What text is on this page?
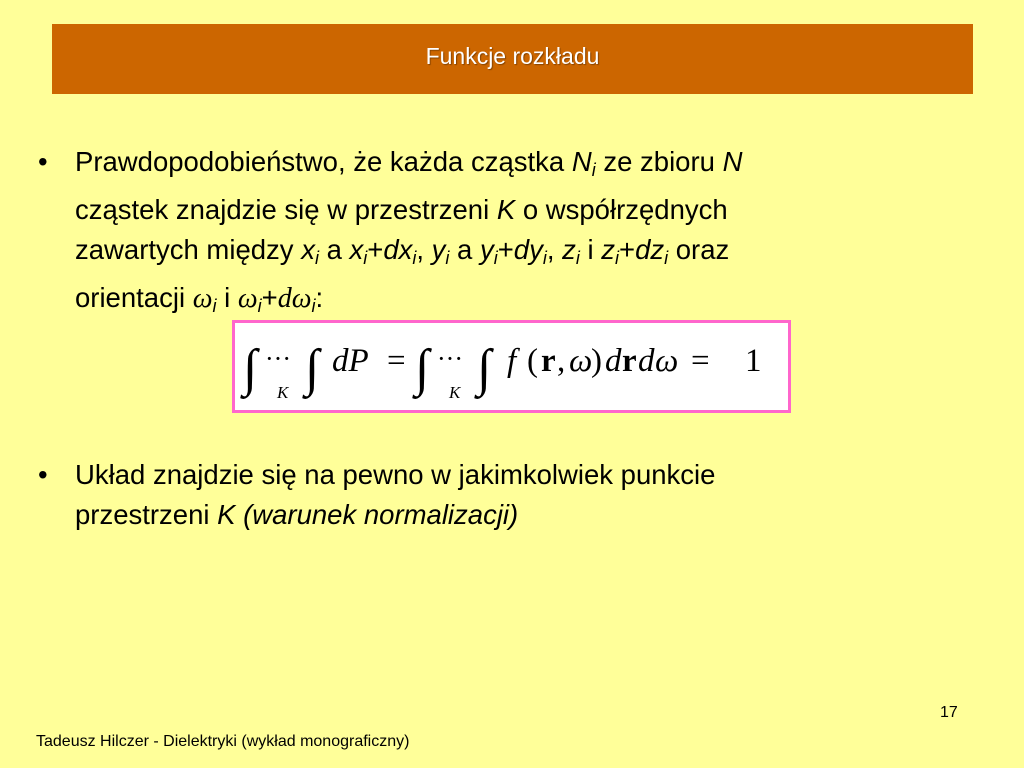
Funkcje rozkładu
• Prawdopodobieństwo, że każda cząstka $N_i$ ze zbioru N
cząstek znajdzie się w przestrzeni K o współrzędnych
zawartych między $x_i$ a $x_i+dx_i$, $y_i$ a $y_i+dy_i$, $z_i$ i $z_i+dz_i$ oraz
orientacji $\omega_i$ i $\omega_i+d\omega_i$:
∫ ···
K ∫ dP = ∫ ···
K ∫ f ( r , ω
) d r d ω = 1
• Układ znajdzie się na pewno w jakimkolwiek punkcie
przestrzeni K (warunek normalizacji)
17
Tadeusz Hilczer - Dielektryki (wykład monograficzny)
